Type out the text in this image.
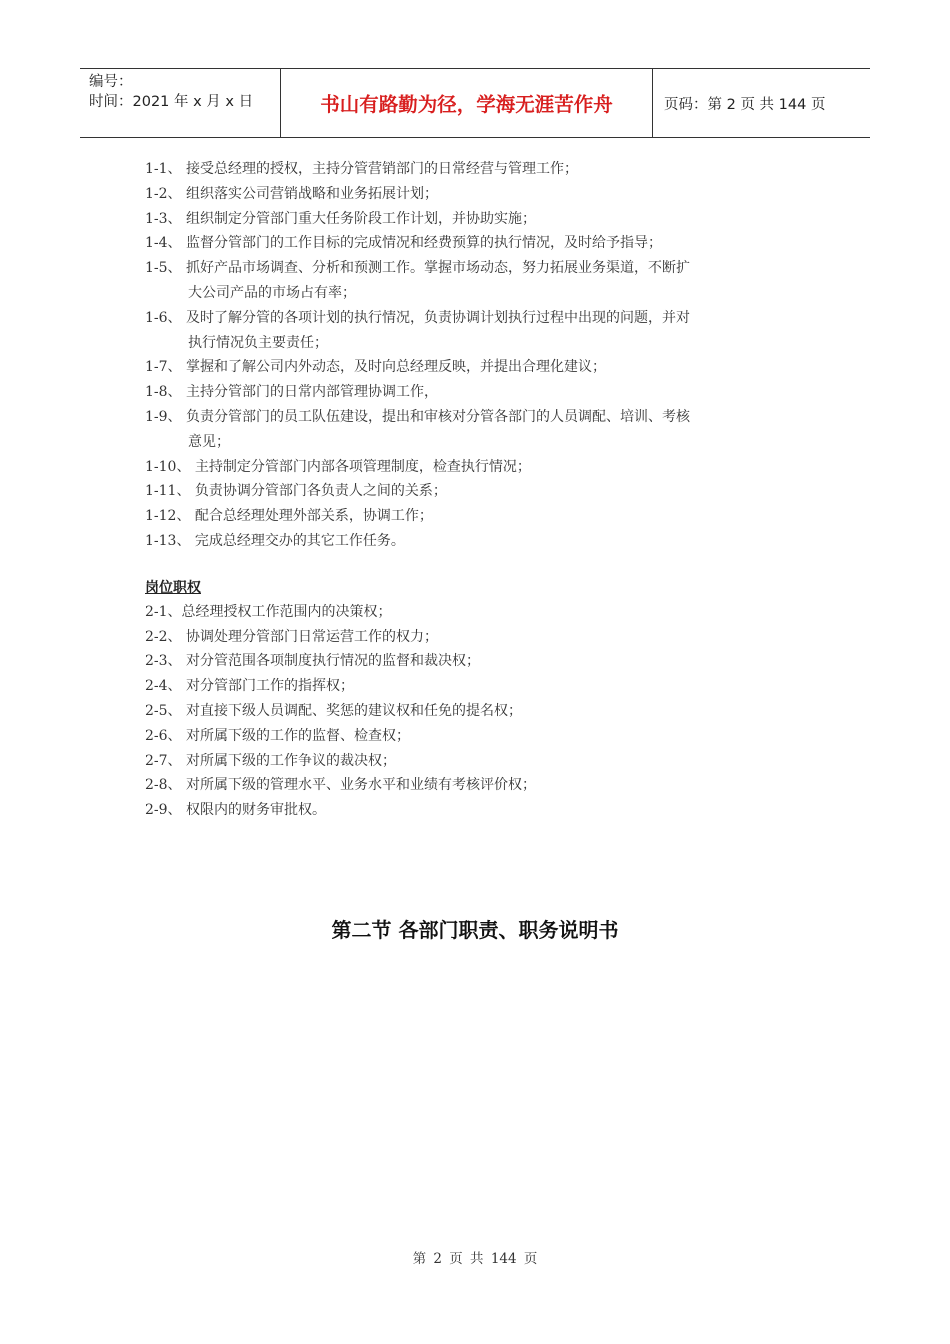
编号：
时间：2021 年 x 月 x 日	书山有路勤为径，学海无涯苦作舟	页码：第 2 页 共 144 页
1-1、 接受总经理的授权，主持分管营销部门的日常经营与管理工作；
1-2、 组织落实公司营销战略和业务拓展计划；
1-3、 组织制定分管部门重大任务阶段工作计划，并协助实施；
1-4、 监督分管部门的工作目标的完成情况和经费预算的执行情况，及时给予指导；
1-5、 抓好产品市场调查、分析和预测工作。掌握市场动态，努力拓展业务渠道，不断扩
大公司产品的市场占有率；
1-6、 及时了解分管的各项计划的执行情况，负责协调计划执行过程中出现的问题，并对
执行情况负主要责任；
1-7、 掌握和了解公司内外动态，及时向总经理反映，并提出合理化建议；
1-8、 主持分管部门的日常内部管理协调工作，
1-9、 负责分管部门的员工队伍建设，提出和审核对分管各部门的人员调配、培训、考核
意见；
1-10、 主持制定分管部门内部各项管理制度，检查执行情况；
1-11、 负责协调分管部门各负责人之间的关系；
1-12、 配合总经理处理外部关系，协调工作；
1-13、 完成总经理交办的其它工作任务。
岗位职权
2-1、总经理授权工作范围内的决策权；
2-2、 协调处理分管部门日常运营工作的权力；
2-3、 对分管范围各项制度执行情况的监督和裁决权；
2-4、 对分管部门工作的指挥权；
2-5、 对直接下级人员调配、奖惩的建议权和任免的提名权；
2-6、 对所属下级的工作的监督、检查权；
2-7、 对所属下级的工作争议的裁决权；
2-8、 对所属下级的管理水平、业务水平和业绩有考核评价权；
2-9、 权限内的财务审批权。
第二节 各部门职责、职务说明书
第 2 页 共 144 页
